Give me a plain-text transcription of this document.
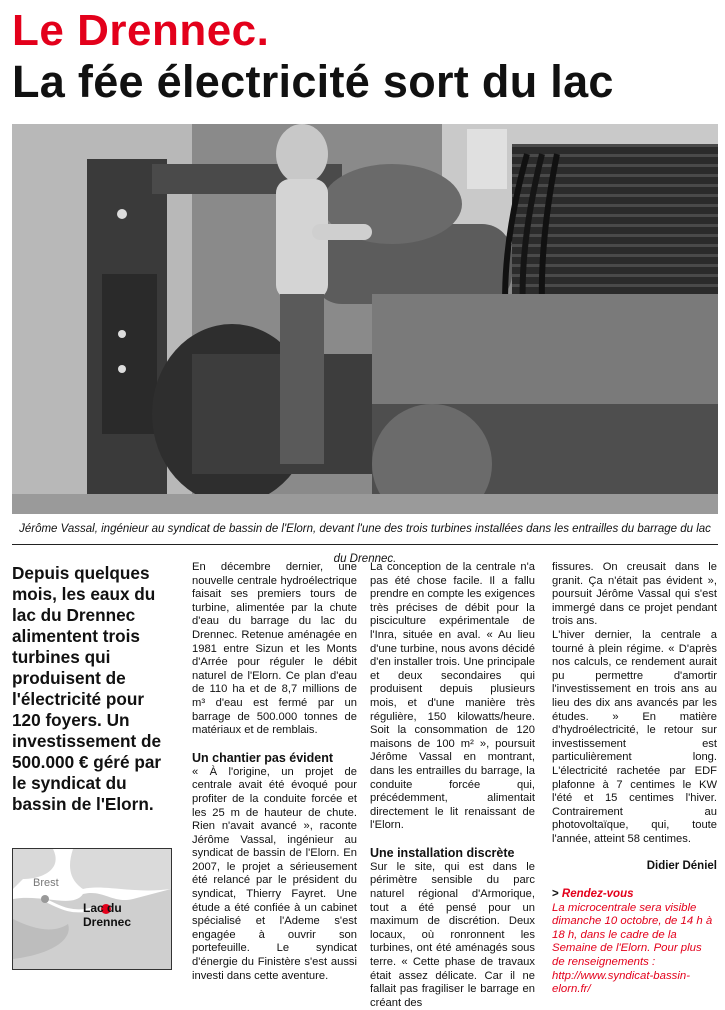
Le Drennec.
La fée électricité sort du lac
Jérôme Vassal, ingénieur au syndicat de bassin de l'Elorn, devant l'une des trois turbines installées dans les entrailles du barrage du lac du Drennec.
Depuis quelques mois, les eaux du lac du Drennec alimentent trois turbines qui produisent de l'électricité pour 120 foyers. Un investissement de 500.000 € géré par le syndicat du bassin de l'Elorn.
Brest
Lac du Drennec

En décembre dernier, une nouvelle centrale hydroélectrique faisait ses premiers tours de turbine, alimentée par la chute d'eau du barrage du lac du Drennec. Retenue aménagée en 1981 entre Sizun et les Monts d'Arrée pour réguler le débit naturel de l'Elorn. Ce plan d'eau de 110 ha et de 8,7 millions de m³ d'eau est fermé par un barrage de 500.000 tonnes de matériaux et de remblais.

Un chantier pas évident

« À l'origine, un projet de centrale avait été évoqué pour profiter de la conduite forcée et les 25 m de hauteur de chute. Rien n'avait avancé », raconte Jérôme Vassal, ingénieur au syndicat de bassin de l'Elorn. En 2007, le projet a sérieusement été relancé par le président du syndicat, Thierry Fayret. Une étude a été confiée à un cabinet spécialisé et l'Ademe s'est engagée à ouvrir son portefeuille. Le syndicat d'énergie du Finistère s'est aussi investi dans cette aventure.

La conception de la centrale n'a pas été chose facile. Il a fallu prendre en compte les exigences très précises de débit pour la pisciculture expérimentale de l'Inra, située en aval. « Au lieu d'une turbine, nous avons décidé d'en installer trois. Une principale et deux secondaires qui produisent depuis plusieurs mois, et d'une manière très régulière, 150 kilowatts/heure. Soit la consommation de 120 maisons de 100 m² », poursuit Jérôme Vassal en montrant, dans les entrailles du barrage, la conduite forcée qui, précédemment, alimentait directement le lit renaissant de l'Elorn.

Une installation discrète

Sur le site, qui est dans le périmètre sensible du parc naturel régional d'Armorique, tout a été pensé pour un maximum de discrétion. Deux locaux, où ronronnent les turbines, ont été aménagés sous terre. « Cette phase de travaux était assez délicate. Car il ne fallait pas fragiliser le barrage en créant des

fissures. On creusait dans le granit. Ça n'était pas évident », poursuit Jérôme Vassal qui s'est immergé dans ce projet pendant trois ans.

L'hiver dernier, la centrale a tourné à plein régime. « D'après nos calculs, ce rendement aurait pu permettre d'amortir l'investissement en trois ans au lieu des dix ans avancés par les études. » En matière d'hydroélectricité, le retour sur investissement est particulièrement long. L'électricité rachetée par EDF plafonne à 7 centimes le KW l'été et 15 centimes l'hiver. Contrairement au photovoltaïque, qui, toute l'année, atteint 58 centimes.

Didier Déniel

> Rendez-vous

La microcentrale sera visible dimanche 10 octobre, de 14 h à 18 h, dans le cadre de la Semaine de l'Elorn. Pour plus de renseignements : http://www.syndicat-bassin-elorn.fr/
